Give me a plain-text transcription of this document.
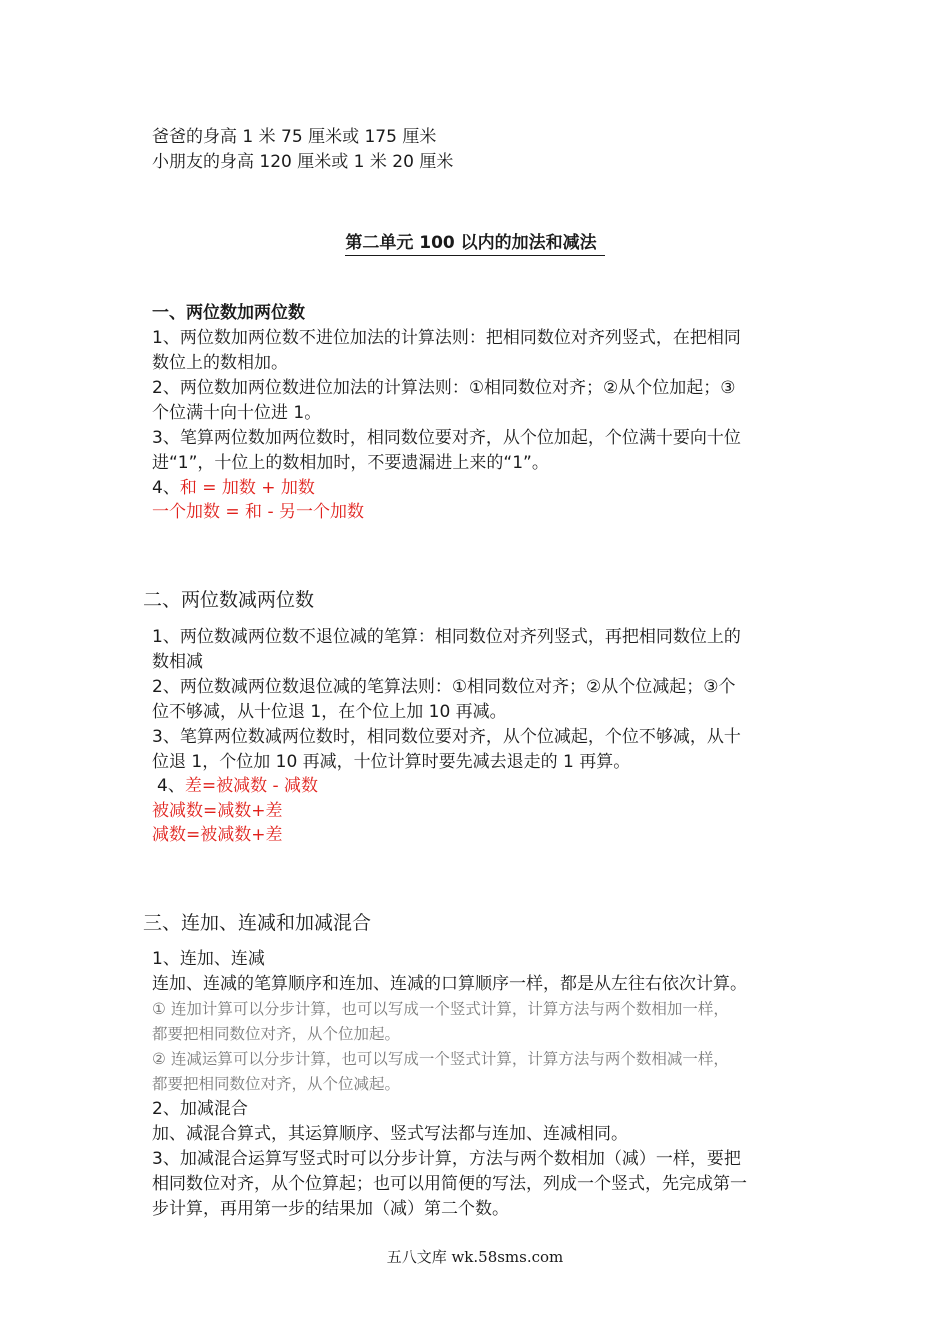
爸爸的身高 1 米 75 厘米或 175 厘米
小朋友的身高 120 厘米或 1 米 20 厘米
第二单元 100 以内的加法和减法
一、两位数加两位数
1、两位数加两位数不进位加法的计算法则：把相同数位对齐列竖式，在把相同
数位上的数相加。
2、两位数加两位数进位加法的计算法则：①相同数位对齐；②从个位加起；③
个位满十向十位进 1。
3、笔算两位数加两位数时，相同数位要对齐，从个位加起，个位满十要向十位
进“1”，十位上的数相加时，不要遗漏进上来的“1”。
4、和 = 加数 + 加数
一个加数 = 和 - 另一个加数
二、两位数减两位数
1、两位数减两位数不退位减的笔算：相同数位对齐列竖式，再把相同数位上的
数相减
2、两位数减两位数退位减的笔算法则：①相同数位对齐；②从个位减起；③个
位不够减，从十位退 1，在个位上加 10 再减。
3、笔算两位数减两位数时，相同数位要对齐，从个位减起，个位不够减，从十
位退 1，个位加 10 再减，十位计算时要先减去退走的 1 再算。
4、差=被减数 - 减数
被减数=减数+差
减数=被减数+差
三、连加、连减和加减混合
1、连加、连减
连加、连减的笔算顺序和连加、连减的口算顺序一样，都是从左往右依次计算。
① 连加计算可以分步计算，也可以写成一个竖式计算，计算方法与两个数相加一样，
都要把相同数位对齐，从个位加起。
② 连减运算可以分步计算，也可以写成一个竖式计算，计算方法与两个数相减一样，
都要把相同数位对齐，从个位减起。
2、加减混合
加、减混合算式，其运算顺序、竖式写法都与连加、连减相同。
3、加减混合运算写竖式时可以分步计算，方法与两个数相加（减）一样，要把
相同数位对齐，从个位算起；也可以用简便的写法，列成一个竖式，先完成第一
步计算，再用第一步的结果加（减）第二个数。
五八文库 wk.58sms.com
